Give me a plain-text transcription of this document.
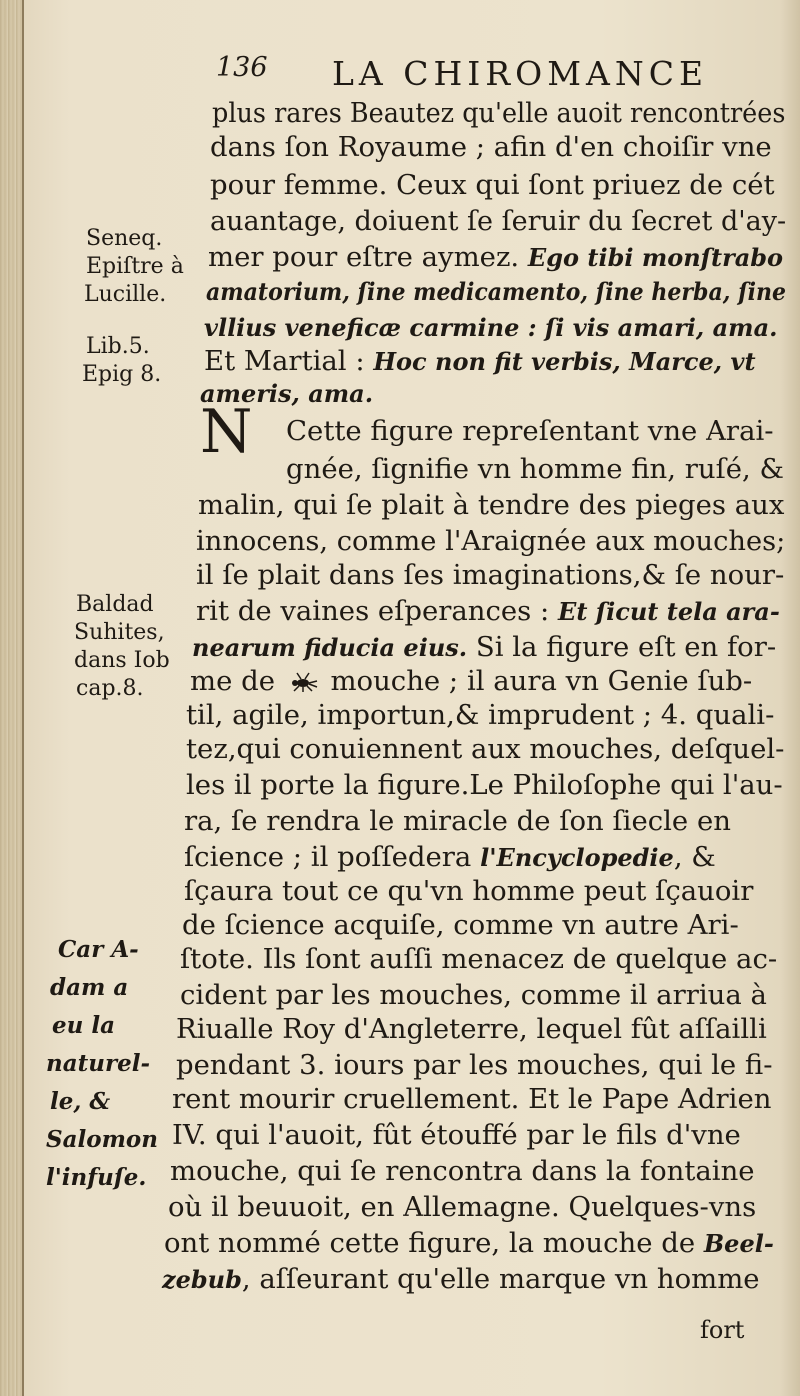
136 LA CHIROMANCE
N
plus rares Beautez qu'elle auoit rencontrées
dans ſon Royaume ; afin d'en choiſir vne
pour femme. Ceux qui ſont priuez de cét
auantage, doiuent ſe ſeruir du ſecret d'ay-
mer pour eſtre aymez. Ego tibi monſtrabo
amatorium, ſine medicamento, ſine herba, ſine
vllius veneficæ carmine : ſi vis amari, ama.
Et Martial : Hoc non fit verbis, Marce, vt
ameris, ama.
Cette figure repreſentant vne Arai-
gnée, ſignifie vn homme fin, ruſé, &
malin, qui ſe plait à tendre des pieges aux
innocens, comme l'Araignée aux mouches;
il ſe plait dans ſes imaginations,& ſe nour-
rit de vaines eſperances : Et ſicut tela ara-
nearum fiducia eius. Si la figure eſt en for-
me de  mouche ; il aura vn Genie ſub-
til, agile, importun,& imprudent ; 4. quali-
tez,qui conuiennent aux mouches, deſquel-
les il porte la figure.Le Philoſophe qui l'au-
ra, ſe rendra le miracle de ſon ſiecle en
ſcience ; il poſſedera l'Encyclopedie, &
ſçaura tout ce qu'vn homme peut ſçauoir
de ſcience acquiſe, comme vn autre Ari-
ſtote. Ils ſont auſſi menacez de quelque ac-
cident par les mouches, comme il arriua à
Riualle Roy d'Angleterre, lequel fût aſſailli
pendant 3. iours par les mouches, qui le fi-
rent mourir cruellement. Et le Pape Adrien
IV. qui l'auoit, fût étouffé par le fils d'vne
mouche, qui ſe rencontra dans la fontaine
où il beuuoit, en Allemagne. Quelques-vns
ont nommé cette figure, la mouche de Beel-
zebub, aſſeurant qu'elle marque vn homme
Seneq.
Epiſtre à
Lucille.
Lib.5.
Epig 8.
Baldad
Suhites,
dans Iob
cap.8.
Car A-
dam a
eu la
naturel-
le, &
Salomon
l'infuſe.
fort
